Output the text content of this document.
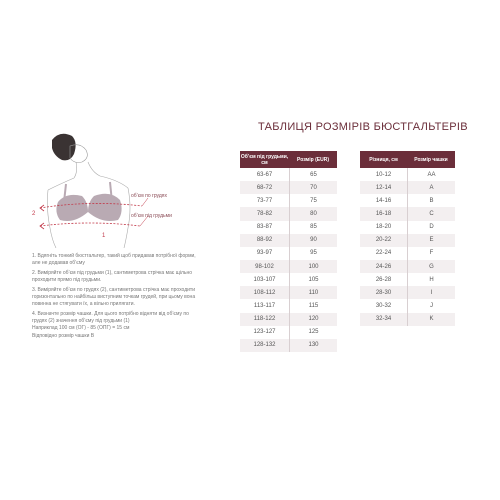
об’єм по грудях
об’єм під грудьми
1
2

1. Вдягніть тонкий бюстгальтер, такий щоб придавав потрібної форми, але не додавав об’єму

2. Виміряйте об’єм під грудьми (1), сантиметрова стрічка має щільно проходити прямо під грудьми.

3. Виміряйте об’єм по грудях (2), сантиметрова стрічка має проходити горизонтально по найбільш виступним точкам грудей, при цьому вона повинна не стягувати їх, а вільно прилягати.

4. Визначте розмір чашки. Для цього потрібно відняти від об’єму по грудях (2) значення об’єму під грудьми (1)

Наприклад 100 см (ОГ) - 85 (ОПГ) = 15 см

Відповідно розмір чашки B

ТАБЛИЦЯ РОЗМІРІВ БЮСТГАЛЬТЕРІВ
Об’єм під грудьми, см	Розмір (EUR)
63-67	65
68-72	70
73-77	75
78-82	80
83-87	85
88-92	90
93-97	95
98-102	100
103-107	105
108-112	110
113-117	115
118-122	120
123-127	125
128-132	130
Різниця, см	Розмір чашки
10-12	AA
12-14	A
14-16	B
16-18	C
18-20	D
20-22	E
22-24	F
24-26	G
26-28	H
28-30	I
30-32	J
32-34	K
